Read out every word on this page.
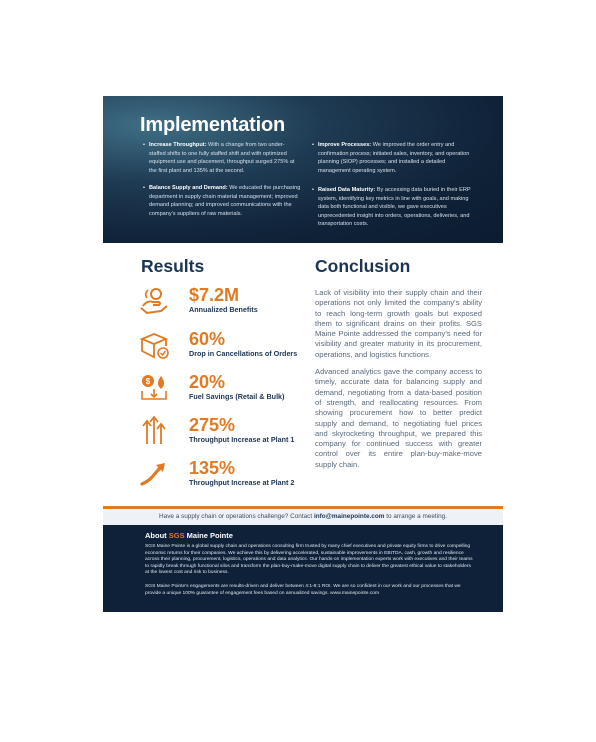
Implementation
• Increase Throughput: With a change from two under-staffed shifts to one fully staffed shift and with optimized equipment use and placement, throughput surged 275% at the first plant and 135% at the second.
• Balance Supply and Demand: We educated the purchasing department in supply chain material management; improved demand planning; and improved communications with the company's suppliers of raw materials.
• Improve Processes: We improved the order entry and confirmation process; initiated sales, inventory, and operation planning (SIOP) processes; and installed a detailed management operating system.
• Raised Data Maturity: By accessing data buried in their ERP system, identifying key metrics in line with goals, and making data both functional and visible, we gave executives unprecedented insight into orders, operations, deliveries, and transportation costs.
Results
$7.2M
Annualized Benefits
60%
Drop in Cancellations of Orders
$ 20%
Fuel Savings (Retail & Bulk)
275%
Throughput Increase at Plant 1
135%
Throughput Increase at Plant 2
Conclusion

Lack of visibility into their supply chain and their operations not only limited the company's ability to reach long-term growth goals but exposed them to significant drains on their profits. SGS Maine Pointe addressed the company's need for visibility and greater maturity in its procurement, operations, and logistics functions.

Advanced analytics gave the company access to timely, accurate data for balancing supply and demand, negotiating from a data-based position of strength, and reallocating resources. From showing procurement how to better predict supply and demand, to negotiating fuel prices and skyrocketing throughput, we prepared this company for continued success with greater control over its entire plan-buy-make-move supply chain.

Have a supply chain or operations challenge? Contact info@mainepointe.com to arrange a meeting.
About SGS Maine Pointe
SGS Maine Pointe is a global supply chain and operations consulting firm trusted by many chief executives and private equity firms to drive compelling economic returns for their companies. We achieve this by delivering accelerated, sustainable improvements in EBITDA, cash, growth and resilience across their planning, procurement, logistics, operations and data analytics. Our hands-on implementation experts work with executives and their teams to rapidly break through functional silos and transform the plan-buy-make-move digital supply chain to deliver the greatest ethical value to stakeholders at the lowest cost and risk to business.
SGS Maine Pointe's engagements are results-driven and deliver between 4:1-8:1 ROI. We are so confident in our work and our processes that we provide a unique 100% guarantee of engagement fees based on annualized savings. www.mainepointe.com
